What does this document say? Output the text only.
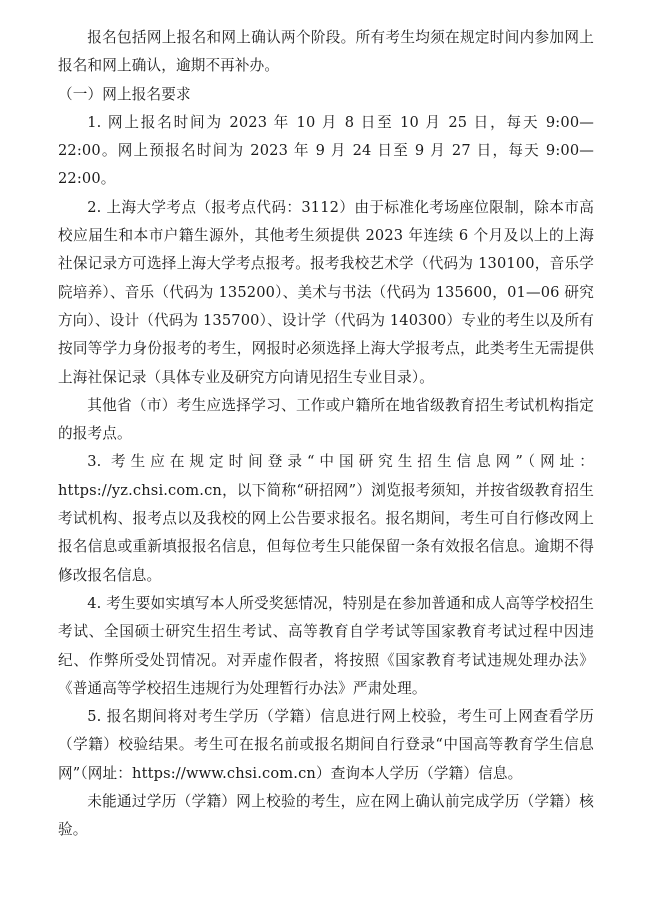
报名包括网上报名和网上确认两个阶段。所有考生均须在规定时间内参加网上报名和网上确认，逾期不再补办。

（一）网上报名要求

1. 网上报名时间为 2023 年 10 月 8 日至 10 月 25 日，每天 9:00—22:00。网上预报名时间为 2023 年 9 月 24 日至 9 月 27 日，每天 9:00—22:00。

2. 上海大学考点（报考点代码：3112）由于标准化考场座位限制，除本市高校应届生和本市户籍生源外，其他考生须提供 2023 年连续 6 个月及以上的上海社保记录方可选择上海大学考点报考。报考我校艺术学（代码为 130100，音乐学院培养）、音乐（代码为 135200）、美术与书法（代码为 135600，01—06 研究方向）、设计（代码为 135700）、设计学（代码为 140300）专业的考生以及所有按同等学力身份报考的考生，网报时必须选择上海大学报考点，此类考生无需提供上海社保记录（具体专业及研究方向请见招生专业目录）。

其他省（市）考生应选择学习、工作或户籍所在地省级教育招生考试机构指定的报考点。

3. 考生应在规定时间登录“中国研究生招生信息网”（网址：https://yz.chsi.com.cn，以下简称“研招网”）浏览报考须知，并按省级教育招生考试机构、报考点以及我校的网上公告要求报名。报名期间，考生可自行修改网上报名信息或重新填报报名信息，但每位考生只能保留一条有效报名信息。逾期不得修改报名信息。

4. 考生要如实填写本人所受奖惩情况，特别是在参加普通和成人高等学校招生考试、全国硕士研究生招生考试、高等教育自学考试等国家教育考试过程中因违纪、作弊所受处罚情况。对弄虚作假者，将按照《国家教育考试违规处理办法》《普通高等学校招生违规行为处理暂行办法》严肃处理。

5. 报名期间将对考生学历（学籍）信息进行网上校验，考生可上网查看学历（学籍）校验结果。考生可在报名前或报名期间自行登录“中国高等教育学生信息网”（网址：https://www.chsi.com.cn）查询本人学历（学籍）信息。

未能通过学历（学籍）网上校验的考生，应在网上确认前完成学历（学籍）核验。
